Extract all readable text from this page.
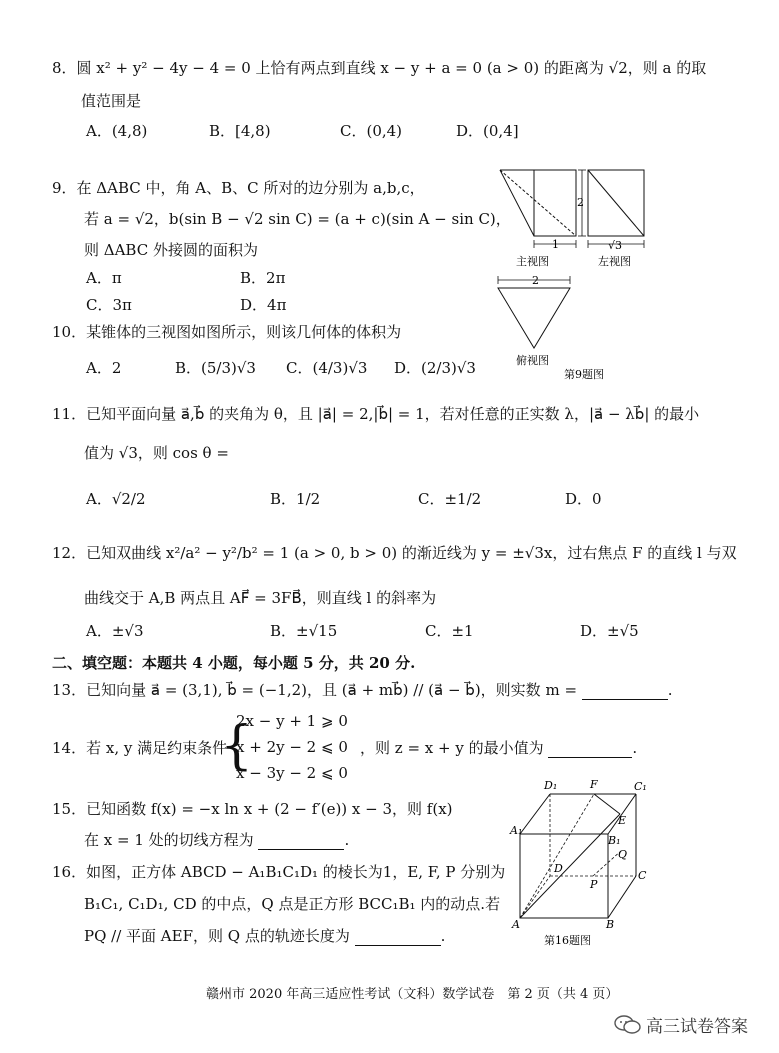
8．圆 x² + y² − 4y − 4 = 0 上恰有两点到直线 x − y + a = 0 (a > 0) 的距离为 √2，则 a 的取
值范围是
A．(4,8)	B．[4,8)	C．(0,4)	D．(0,4]
9．在 ΔABC 中，角 A、B、C 所对的边分别为 a,b,c，
若 a = √2，b(sin B − √2 sin C) = (a + c)(sin A − sin C)，
则 ΔABC 外接圆的面积为
A．π	B．2π
C．3π	D．4π
10．某锥体的三视图如图所示，则该几何体的体积为
A．2	B．(5/3)√3 C．(4/3)√3 D．(2/3)√3
2
1
主视图
√3
左视图
2
俯视图
第9题图
11．已知平面向量 a⃗,b⃗ 的夹角为 θ，且 |a⃗| = 2,|b⃗| = 1，若对任意的正实数 λ，|a⃗ − λb⃗| 的最小
值为 √3，则 cos θ =
A．√2/2	B．1/2	C．±1/2	D．0
12．已知双曲线 x²/a² − y²/b² = 1 (a > 0, b > 0) 的渐近线为 y = ±√3x，过右焦点 F 的直线 l 与双
曲线交于 A,B 两点且 AF⃗ = 3FB⃗，则直线 l 的斜率为
A．±√3	B．±√15	C．±1	D．±√5
二、填空题：本题共 4 小题，每小题 5 分，共 20 分.
13．已知向量 a⃗ = (3,1), b⃗ = (−1,2)，且 (a⃗ + mb⃗) // (a⃗ − b⃗)，则实数 m =	.
14．若 x, y 满足约束条件
{
2x − y + 1 ⩾ 0
x + 2y − 2 ⩽ 0
x − 3y − 2 ⩽ 0
，则 z = x + y 的最小值为	.
15．已知函数 f(x) = −x ln x + (2 − f′(e)) x − 3，则 f(x)
在 x = 1 处的切线方程为	.
16．如图，正方体 ABCD − A₁B₁C₁D₁ 的棱长为1，E, F, P 分别为
B₁C₁, C₁D₁, CD 的中点，Q 点是正方形 BCC₁B₁ 内的动点.若
PQ // 平面 AEF，则 Q 点的轨迹长度为	.
D₁	F	C₁
A₁
E
B₁
Q
D
P
C
A	B
第16题图
赣州市 2020 年高三适应性考试（文科）数学试卷　第 2 页（共 4 页）
高三试卷答案
